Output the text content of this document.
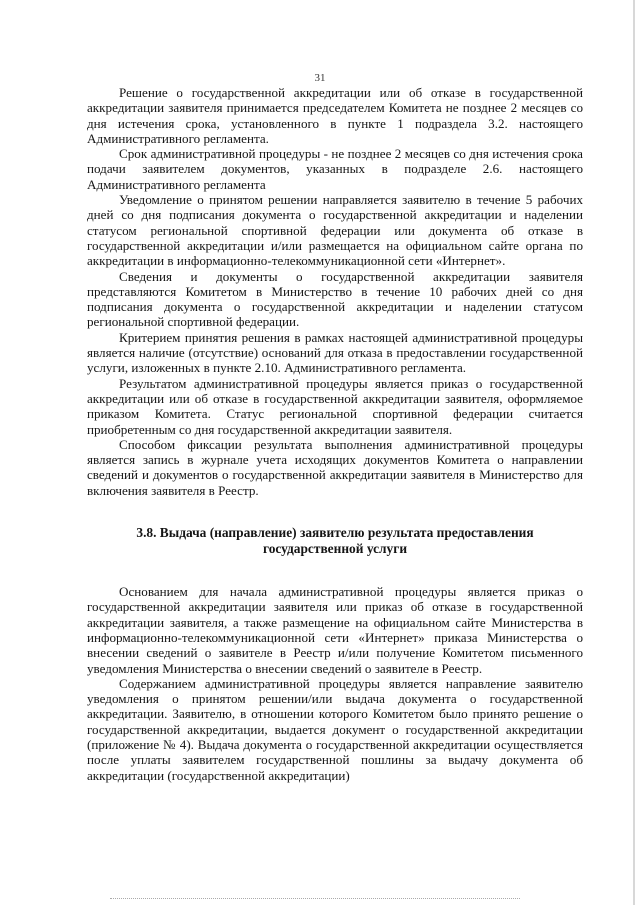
31

Решение о государственной аккредитации или об отказе в государственной аккредитации заявителя принимается председателем Комитета не позднее 2 месяцев со дня истечения срока, установленного в пункте 1 подраздела 3.2. настоящего Административного регламента.

Срок административной процедуры - не позднее 2 месяцев со дня истечения срока подачи заявителем документов, указанных в подразделе 2.6. настоящего Административного регламента

Уведомление о принятом решении направляется заявителю в течение 5 рабочих дней со дня подписания документа о государственной аккредитации и наделении статусом региональной спортивной федерации или документа об отказе в государственной аккредитации и/или размещается на официальном сайте органа по аккредитации в информационно-телекоммуникационной сети «Интернет».

Сведения и документы о государственной аккредитации заявителя представляются Комитетом в Министерство в течение 10 рабочих дней со дня подписания документа о государственной аккредитации и наделении статусом региональной спортивной федерации.

Критерием принятия решения в рамках настоящей административной процедуры является наличие (отсутствие) оснований для отказа в предоставлении государственной услуги, изложенных в пункте 2.10. Административного регламента.

Результатом административной процедуры является приказ о государственной аккредитации или об отказе в государственной аккредитации заявителя, оформляемое приказом Комитета. Статус региональной спортивной федерации считается приобретенным со дня государственной аккредитации заявителя.

Способом фиксации результата выполнения административной процедуры является запись в журнале учета исходящих документов Комитета о направлении сведений и документов о государственной аккредитации заявителя в Министерство для включения заявителя в Реестр.

3.8. Выдача (направление) заявителю результата предоставления
государственной услуги

Основанием для начала административной процедуры является приказ о государственной аккредитации заявителя или приказ об отказе в государственной аккредитации заявителя, а также размещение на официальном сайте Министерства в информационно-телекоммуникационной сети «Интернет» приказа Министерства о внесении сведений о заявителе в Реестр и/или получение Комитетом письменного уведомления Министерства о внесении сведений о заявителе в Реестр.

Содержанием административной процедуры является направление заявителю уведомления о принятом решении/или выдача документа о государственной аккредитации. Заявителю, в отношении которого Комитетом было принято решение о государственной аккредитации, выдается документ о государственной аккредитации (приложение № 4). Выдача документа о государственной аккредитации осуществляется после уплаты заявителем государственной пошлины за выдачу документа об аккредитации (государственной аккредитации)
